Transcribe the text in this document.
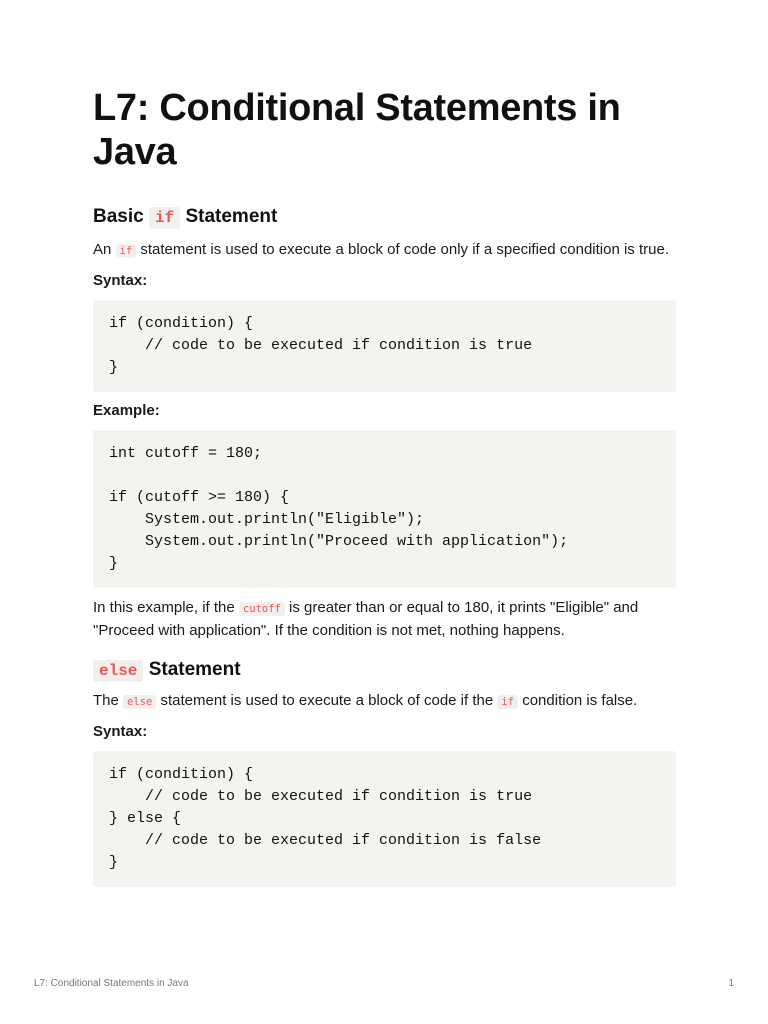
L7: Conditional Statements in Java
Basic if Statement

An if statement is used to execute a block of code only if a specified condition is true.

Syntax:
if (condition) {
// code to be executed if condition is true
}
Example:
int cutoff = 180;

if (cutoff >= 180) {
System.out.println("Eligible");
System.out.println("Proceed with application");
}

In this example, if the cutoff is greater than or equal to 180, it prints "Eligible" and "Proceed with application". If the condition is not met, nothing happens.

else Statement

The else statement is used to execute a block of code if the if condition is false.

Syntax:
if (condition) {
// code to be executed if condition is true
} else {
// code to be executed if condition is false
}
L7: Conditional Statements in Java	1
